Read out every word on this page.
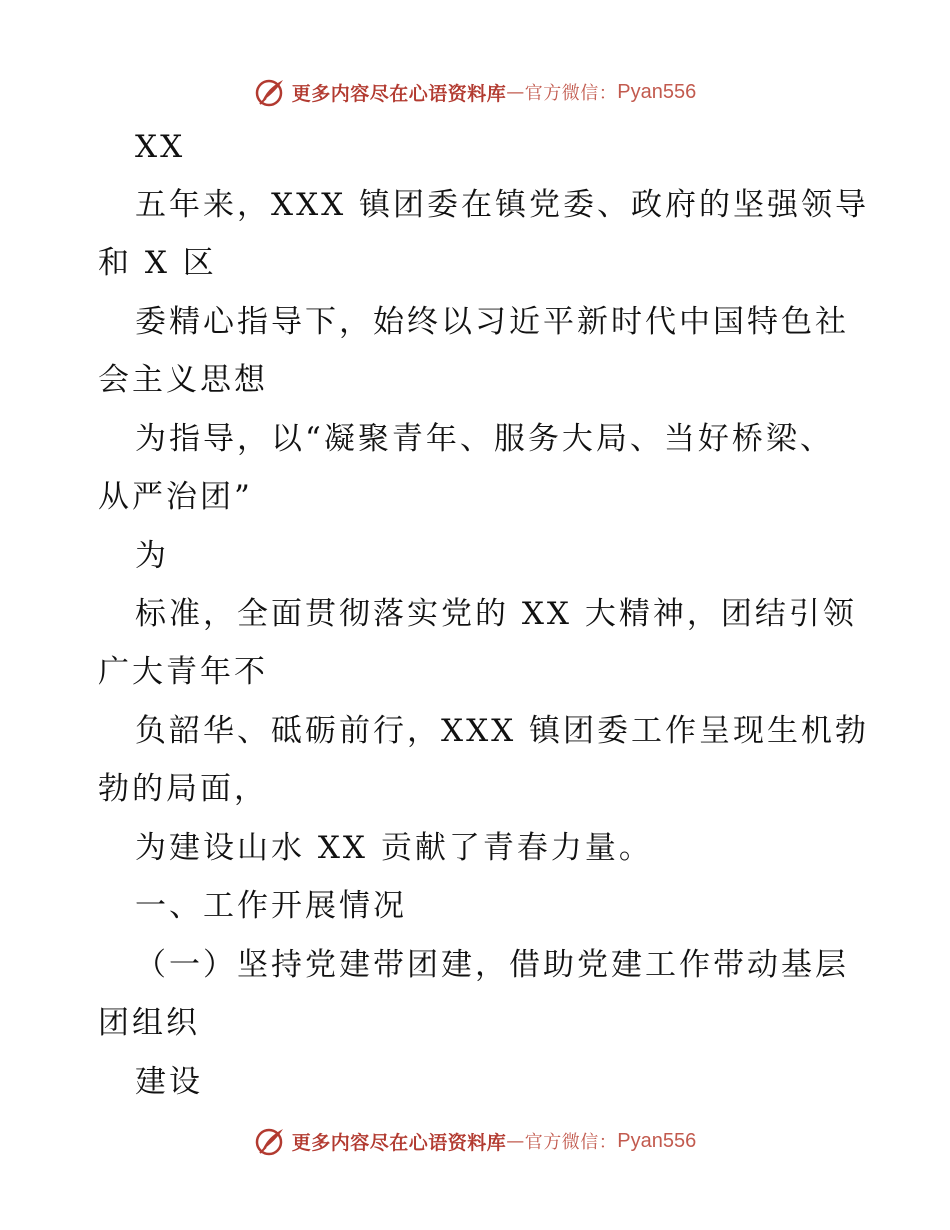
更多内容尽在心语资料库 — 官方微信： Pyan556
XX
五年来，XXX 镇团委在镇党委、政府的坚强领导
和 X 区
委精心指导下，始终以习近平新时代中国特色社
会主义思想
为指导，以“凝聚青年、服务大局、当好桥梁、
从严治团”
为
标准，全面贯彻落实党的 XX 大精神，团结引领
广大青年不
负韶华、砥砺前行，XXX 镇团委工作呈现生机勃
勃的局面，
为建设山水 XX 贡献了青春力量。
一、工作开展情况
（一）坚持党建带团建，借助党建工作带动基层
团组织
建设
更多内容尽在心语资料库 — 官方微信： Pyan556
